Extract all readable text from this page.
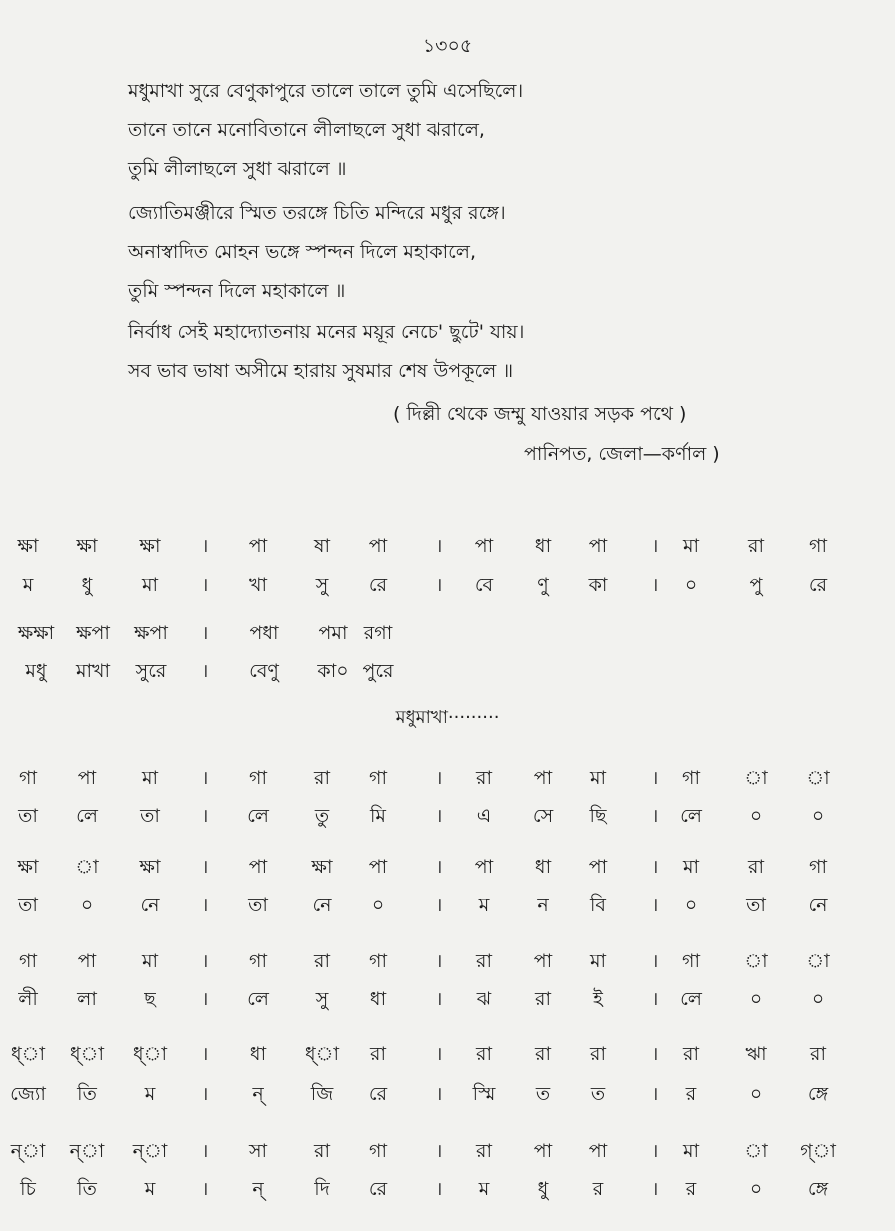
১৩০৫
মধুমাখা সুরে বেণুকাপুরে তালে তালে তুমি এসেছিলে।
তানে তানে মনোবিতানে লীলাছলে সুধা ঝরালে,
তুমি লীলাছলে সুধা ঝরালে ॥
জ্যোতিমঞ্জীরে স্মিত তরঙ্গে চিতি মন্দিরে মধুর রঙ্গে।
অনাস্বাদিত মোহন ভঙ্গে স্পন্দন দিলে মহাকালে,
তুমি স্পন্দন দিলে মহাকালে ॥
নির্বাধ সেই মহাদ্যোতনায় মনের ময়ূর নেচে' ছুটে' যায়।
সব ভাব ভাষা অসীমে হারায় সুষমার শেষ উপকূলে ॥
( দিল্লী থেকে জম্মু যাওয়ার সড়ক পথে )
পানিপত, জেলা—কর্ণাল )
মধুমাখা·········
ক্ষা ক্ষা ক্ষা । পা ষা পা	। পা ধা পা । মা	রা গা
ম	ধু	মা । খা	সু রে	। বে ণু কা । ০	পু রে
ক্ষক্ষা ক্ষপা ক্ষপা । পধা পমা রগা
মধু মাখা সুরে । বেণু কা০ পুরে
গা পা মা । গা রা গা	। রা পা মা । গা া া
তা লে তা । লে তু মি	। এ সে ছি । লে	০	০
ক্ষা া ক্ষা । পা ক্ষা পা	। পা ধা পা । মা	রা গা
তা ০ নে । তা নে ০	। ম	ন বি । ০	তা নে
গা পা মা । গা রা গা	। রা পা মা । গা া া
লী লা ছ । লে সু ধা	। ঝ রা ই	। লে	০	০
ধ্া ধ্া ধ্া । ধা ধ্া রা	। রা রা রা । রা ঋা রা
জ্যো তি	ম । ন্ জি রে	। স্মি ত ত । র	০ ঙ্গে
ন্া ন্া ন্া । সা রা গা	। রা পা পা । মা া গ্া
চি তি	ম । ন্	দি রে	। ম	ধু র	। র	০ ঙ্গে
